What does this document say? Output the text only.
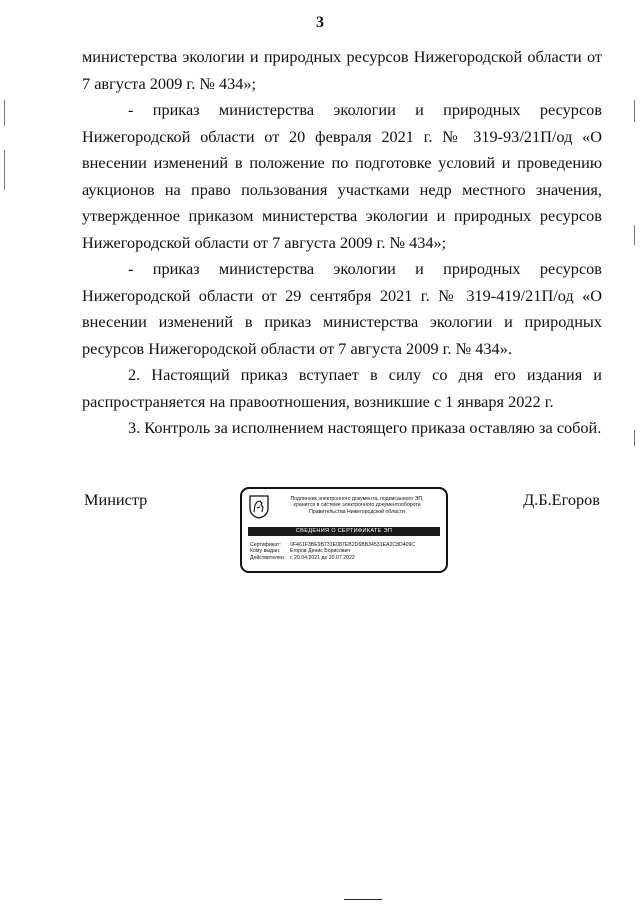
3

министерства экологии и природных ресурсов Нижегородской области от 7 августа 2009 г. № 434»;

- приказ министерства экологии и природных ресурсов Нижегородской области от 20 февраля 2021 г. № 319-93/21П/од «О внесении изменений в положение по подготовке условий и проведению аукционов на право пользования участками недр местного значения, утвержденное приказом министерства экологии и природных ресурсов Нижегородской области от 7 августа 2009 г. № 434»;

- приказ министерства экологии и природных ресурсов Нижегородской области от 29 сентября 2021 г. № 319-419/21П/од «О внесении изменений в приказ министерства экологии и природных ресурсов Нижегородской области от 7 августа 2009 г. № 434».

2. Настоящий приказ вступает в силу со дня его издания и распространяется на правоотношения, возникшие с 1 января 2022 г.

3. Контроль за исполнением настоящего приказа оставляю за собой.

Министр	Подлинник электронного документа, подписанного ЭП,
хранится в системе электронного документооборота
Правительства Нижегородской области
СВЕДЕНИЯ О СЕРТИФИКАТЕ ЭП
Сертификат: 0F461F3BE9B731E087EB2D6BB34531EA2C8D409C
Кому выдан: Егоров Денис Борисович
Действителен: с 20.04.2021 до 20.07.2022
Д.Б.Егоров
